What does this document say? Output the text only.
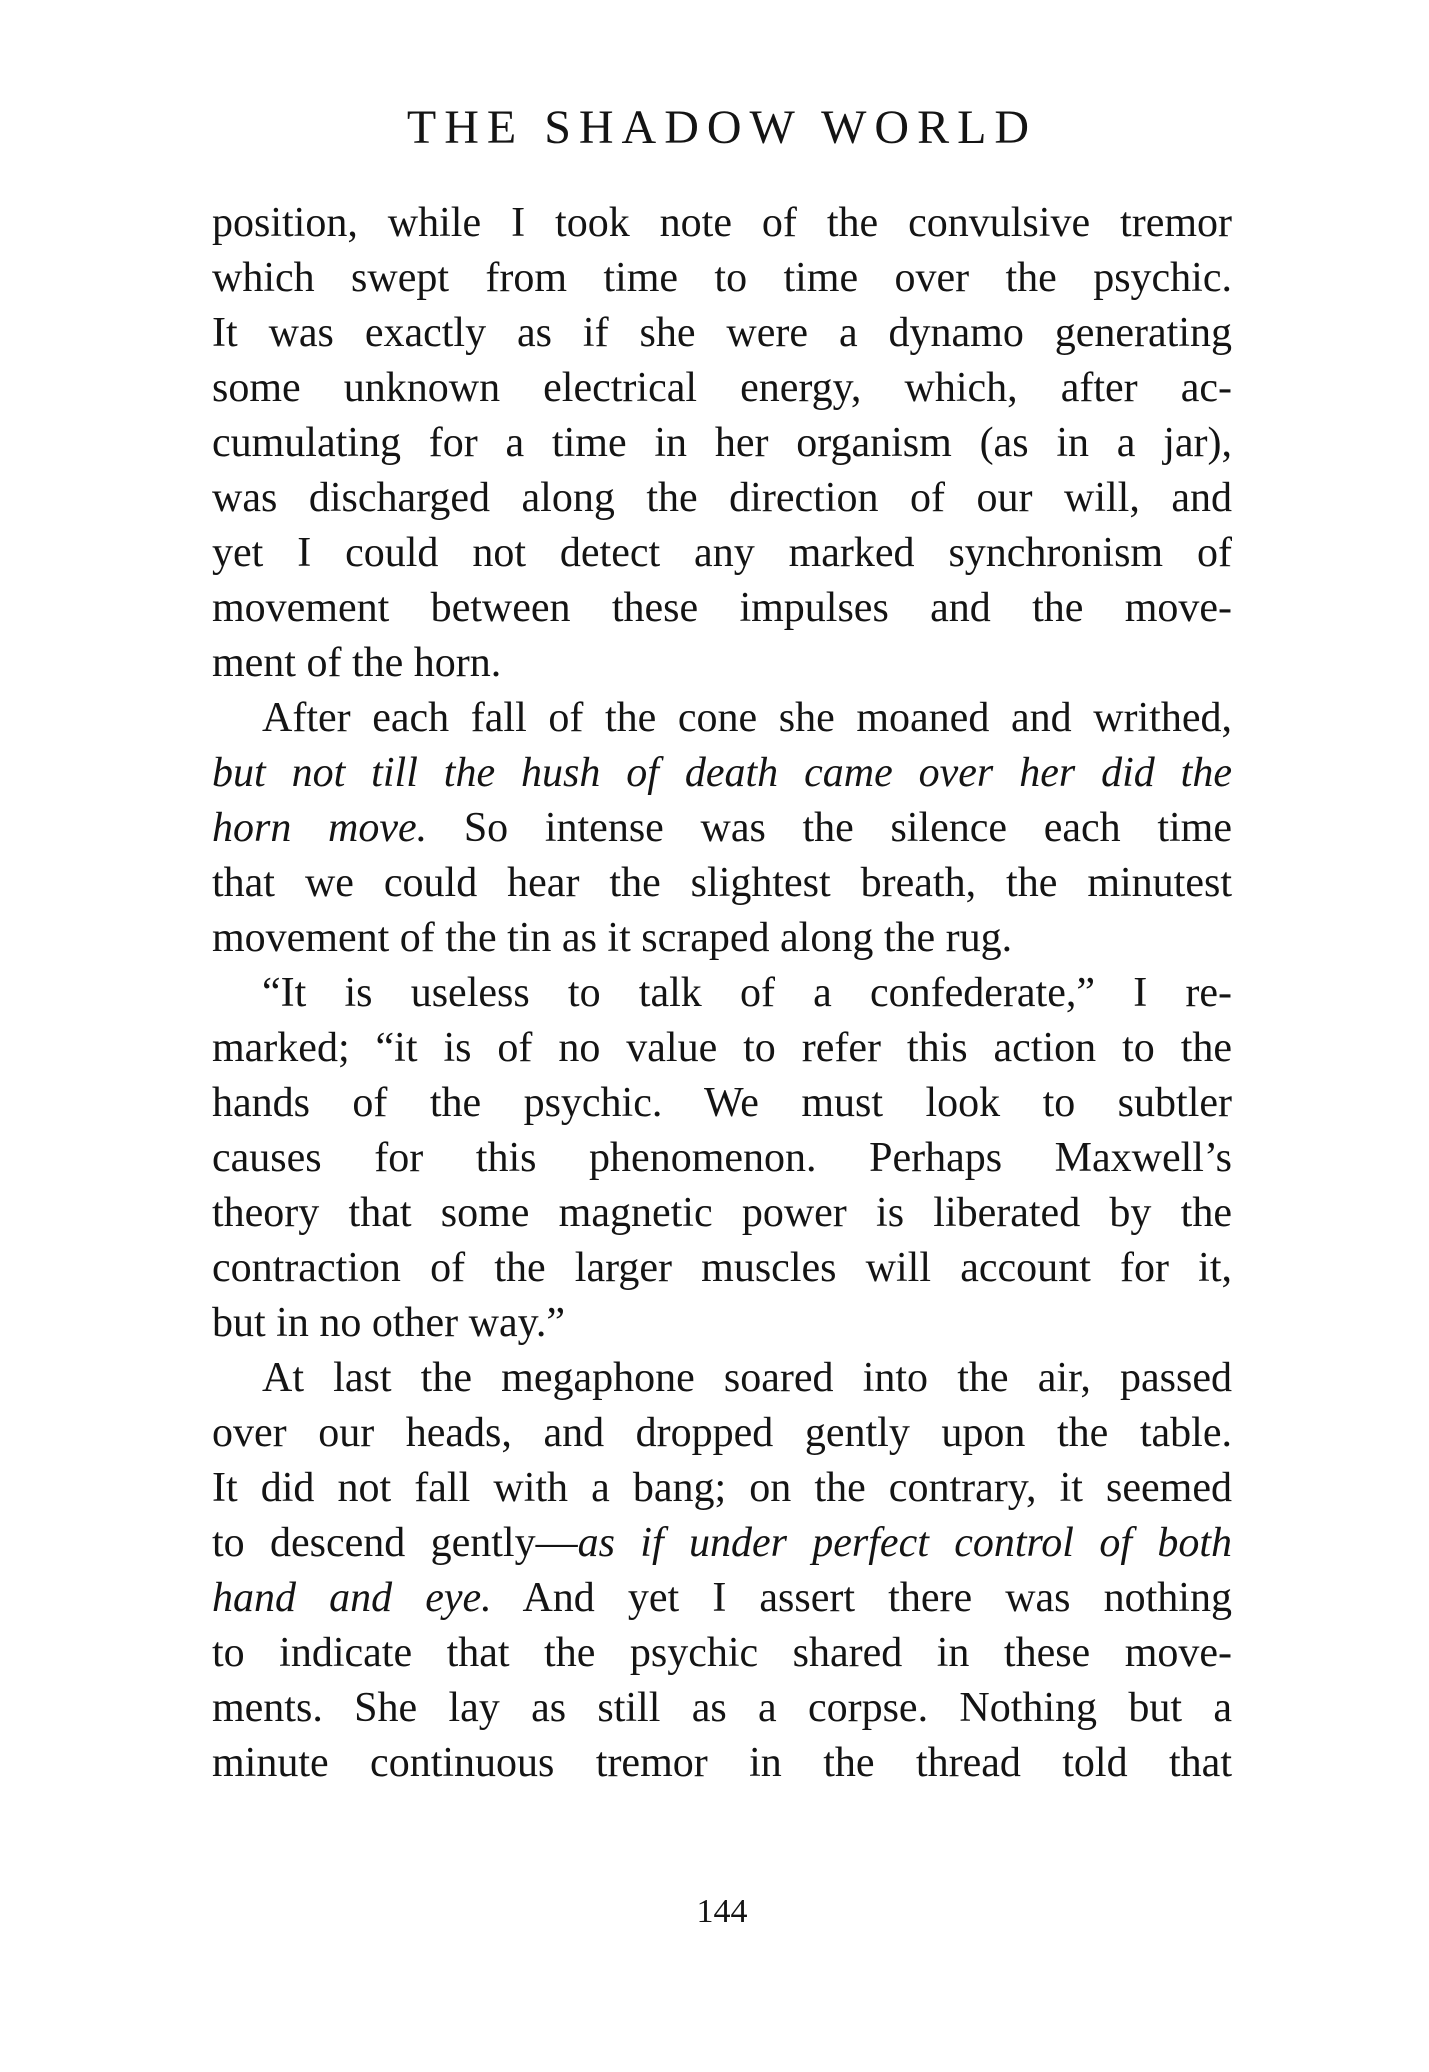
THE SHADOW WORLD
position, while I took note of the convulsive tremor
which swept from time to time over the psychic.
It was exactly as if she were a dynamo generating
some unknown electrical energy, which, after ac-
cumulating for a time in her organism (as in a jar),
was discharged along the direction of our will, and
yet I could not detect any marked synchronism of
movement between these impulses and the move-
ment of the horn.
After each fall of the cone she moaned and writhed,
but not till the hush of death came over her did the
horn move. So intense was the silence each time
that we could hear the slightest breath, the minutest
movement of the tin as it scraped along the rug.
“It is useless to talk of a confederate,” I re-
marked; “it is of no value to refer this action to the
hands of the psychic. We must look to subtler
causes for this phenomenon. Perhaps Maxwell’s
theory that some magnetic power is liberated by the
contraction of the larger muscles will account for it,
but in no other way.”
At last the megaphone soared into the air, passed
over our heads, and dropped gently upon the table.
It did not fall with a bang; on the contrary, it seemed
to descend gently—as if under perfect control of both
hand and eye. And yet I assert there was nothing
to indicate that the psychic shared in these move-
ments. She lay as still as a corpse. Nothing but a
minute continuous tremor in the thread told that
144
